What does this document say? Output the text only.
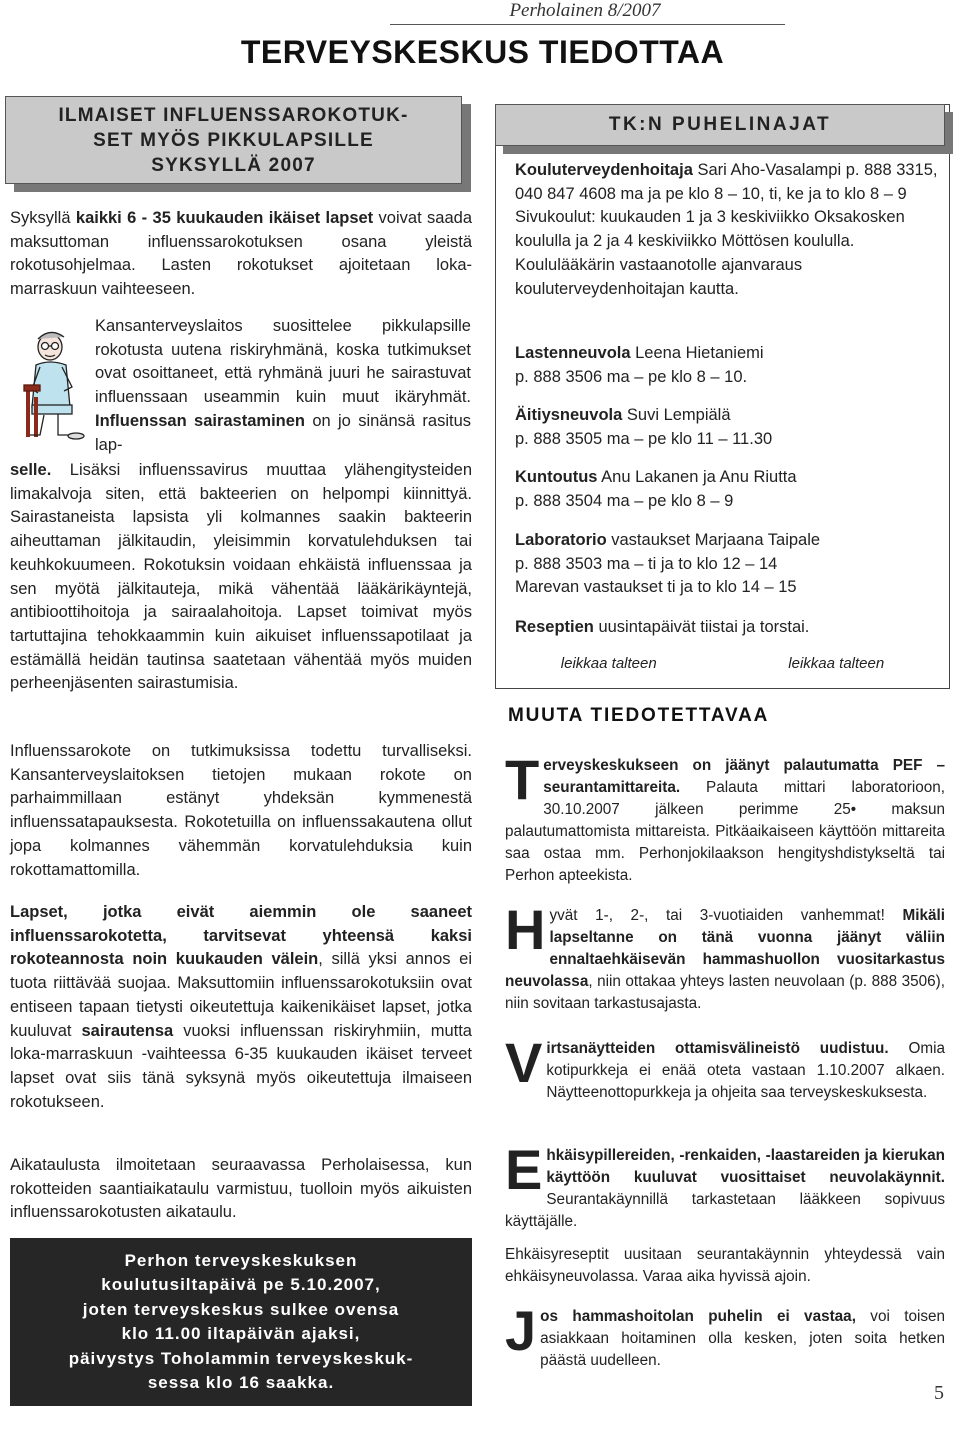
Perholainen 8/2007
TERVEYSKESKUS TIEDOTTAA
ILMAISET INFLUENSSAROKOTUK-
SET MYÖS PIKKULAPSILLE
SYKSYLLÄ 2007
Syksyllä kaikki 6 - 35 kuukauden ikäiset lapset voivat saada maksuttoman influenssarokotuksen osana yleistä rokotusohjelmaa. Lasten rokotukset ajoitetaan loka-marraskuun vaihteeseen.
Kansanterveyslaitos suosittelee pikkulapsille rokotusta uutena riskiryhmänä, koska tutkimukset ovat osoittaneet, että ryhmänä juuri he sairastuvat influenssaan useammin kuin muut ikäryhmät. Influenssan sairastaminen on jo sinänsä rasitus lap-
selle. Lisäksi influenssavirus muuttaa ylähengitysteiden limakalvoja siten, että bakteerien on helpompi kiinnittyä. Sairastaneista lapsista yli kolmannes saakin bakteerin aiheuttaman jälkitaudin, yleisimmin korvatulehduksen tai keuhkokuumeen. Rokotuksin voidaan ehkäistä influenssaa ja sen myötä jälkitauteja, mikä vähentää lääkärikäyntejä, antibioottihoitoja ja sairaalahoitoja. Lapset toimivat myös tartuttajina tehokkaammin kuin aikuiset influenssapotilaat ja estämällä heidän tautinsa saatetaan vähentää myös muiden perheenjäsenten sairastumisia.
Influenssarokote on tutkimuksissa todettu turvalliseksi. Kansanterveyslaitoksen tietojen mukaan rokote on parhaimmillaan estänyt yhdeksän kymmenestä influenssatapauksesta. Rokotetuilla on influenssakautena ollut jopa kolmannes vähemmän korvatulehduksia kuin rokottamattomilla.
Lapset, jotka eivät aiemmin ole saaneet influenssarokotetta, tarvitsevat yhteensä kaksi rokoteannosta noin kuukauden välein, sillä yksi annos ei tuota riittävää suojaa. Maksuttomiin influenssarokotuksiin ovat entiseen tapaan tietysti oikeutettuja kaikenikäiset lapset, jotka kuuluvat sairautensa vuoksi influenssan riskiryhmiin, mutta loka-marraskuun -vaihteessa 6-35 kuukauden ikäiset terveet lapset ovat siis tänä syksynä myös oikeutettuja ilmaiseen rokotukseen.
Aikataulusta ilmoitetaan seuraavassa Perholaisessa, kun rokotteiden saantiaikataulu varmistuu, tuolloin myös aikuisten influenssarokotusten aikataulu.
Perhon terveyskeskuksen
koulutusiltapäivä pe 5.10.2007,
joten terveyskeskus sulkee ovensa
klo 11.00 iltapäivän ajaksi,
päivystys Toholammin terveyskeskuk-
sessa klo 16 saakka.
TK:N PUHELINAJAT
Kouluterveydenhoitaja Sari Aho-Vasalampi p. 888 3315, 040 847 4608 ma ja pe klo 8 – 10, ti, ke ja to klo 8 – 9 Sivukoulut: kuukauden 1 ja 3 keskiviikko Oksakosken koululla ja 2 ja 4 keskiviikko Möttösen koululla. Koululääkärin vastaanotolle ajanvaraus kouluterveydenhoitajan kautta.
Lastenneuvola Leena Hietaniemi
p. 888 3506 ma – pe klo 8 – 10.
Äitiysneuvola Suvi Lempiälä
p. 888 3505 ma – pe klo 11 – 11.30
Kuntoutus Anu Lakanen ja Anu Riutta
p. 888 3504 ma – pe klo 8 – 9
Laboratorio vastaukset Marjaana Taipale
p. 888 3503 ma – ti ja to klo 12 – 14
Marevan vastaukset ti ja to klo 14 – 15
Reseptien uusintapäivät tiistai ja torstai.
leikkaa talteen	leikkaa talteen
MUUTA TIEDOTETTAVAA
Terveyskeskukseen on jäänyt palautumatta PEF –seurantamittareita. Palauta mittari laboratorioon, 30.10.2007 jälkeen perimme 25• maksun palautumattomista mittareista. Pitkäaikaiseen käyttöön mittareita saa ostaa mm. Perhonjokilaakson hengityshdistykseltä tai Perhon apteekista.
Hyvät 1-, 2-, tai 3-vuotiaiden vanhemmat! Mikäli lapseltanne on tänä vuonna jäänyt väliin ennaltaehkäisevän hammashuollon vuositarkastus neuvolassa, niin ottakaa yhteys lasten neuvolaan (p. 888 3506), niin sovitaan tarkastusajasta.
Virtsanäytteiden ottamisvälineistö uudistuu. Omia kotipurkkeja ei enää oteta vastaan 1.10.2007 alkaen. Näytteenottopurkkeja ja ohjeita saa terveyskeskuksesta.
Ehkäisypillereiden, -renkaiden, -laastareiden ja kierukan käyttöön kuuluvat vuosittaiset neuvolakäynnit. Seurantakäynnillä tarkastetaan lääkkeen sopivuus käyttäjälle.
Ehkäisyreseptit uusitaan seurantakäynnin yhteydessä vain ehkäisyneuvolassa. Varaa aika hyvissä ajoin.
Jos hammashoitolan puhelin ei vastaa, voi toisen asiakkaan hoitaminen olla kesken, joten soita hetken päästä uudelleen.
5
